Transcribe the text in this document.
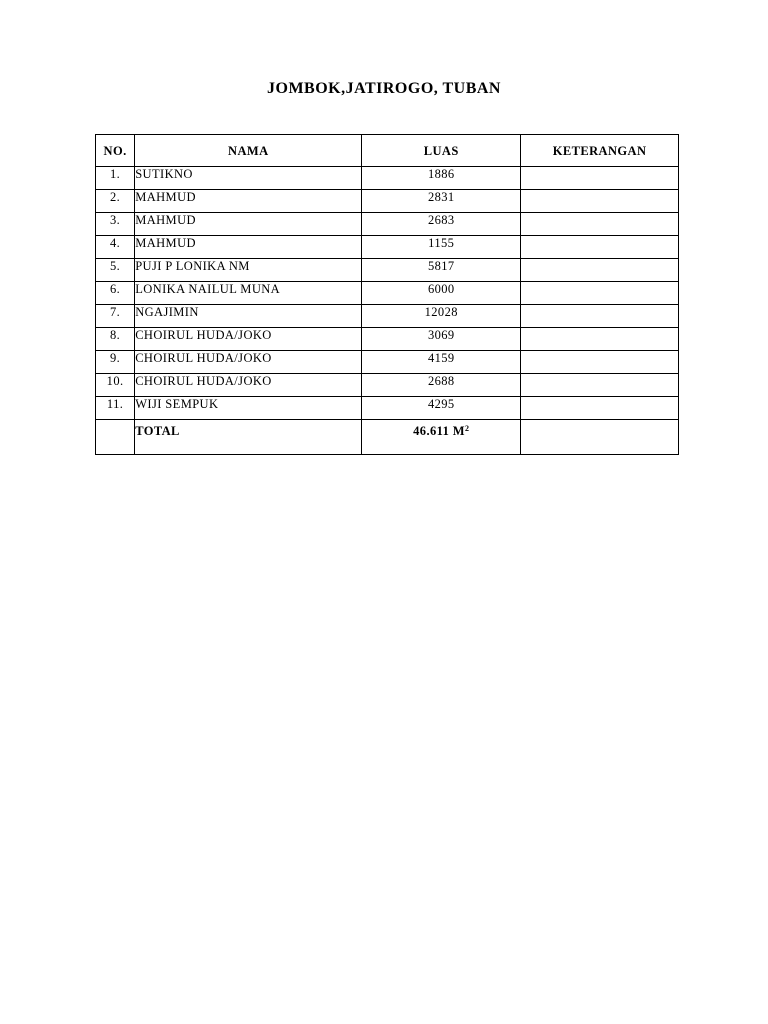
JOMBOK,JATIROGO, TUBAN
NO.	NAMA	LUAS	KETERANGAN
1.	SUTIKNO	1886	
2.	MAHMUD	2831	
3.	MAHMUD	2683	
4.	MAHMUD	1155	
5.	PUJI P LONIKA NM	5817	
6.	LONIKA NAILUL MUNA	6000	
7.	NGAJIMIN	12028	
8.	CHOIRUL HUDA/JOKO	3069	
9.	CHOIRUL HUDA/JOKO	4159	
10.	CHOIRUL HUDA/JOKO	2688	
11.	WIJI SEMPUK	4295	
	TOTAL	46.611 $M^2$	
